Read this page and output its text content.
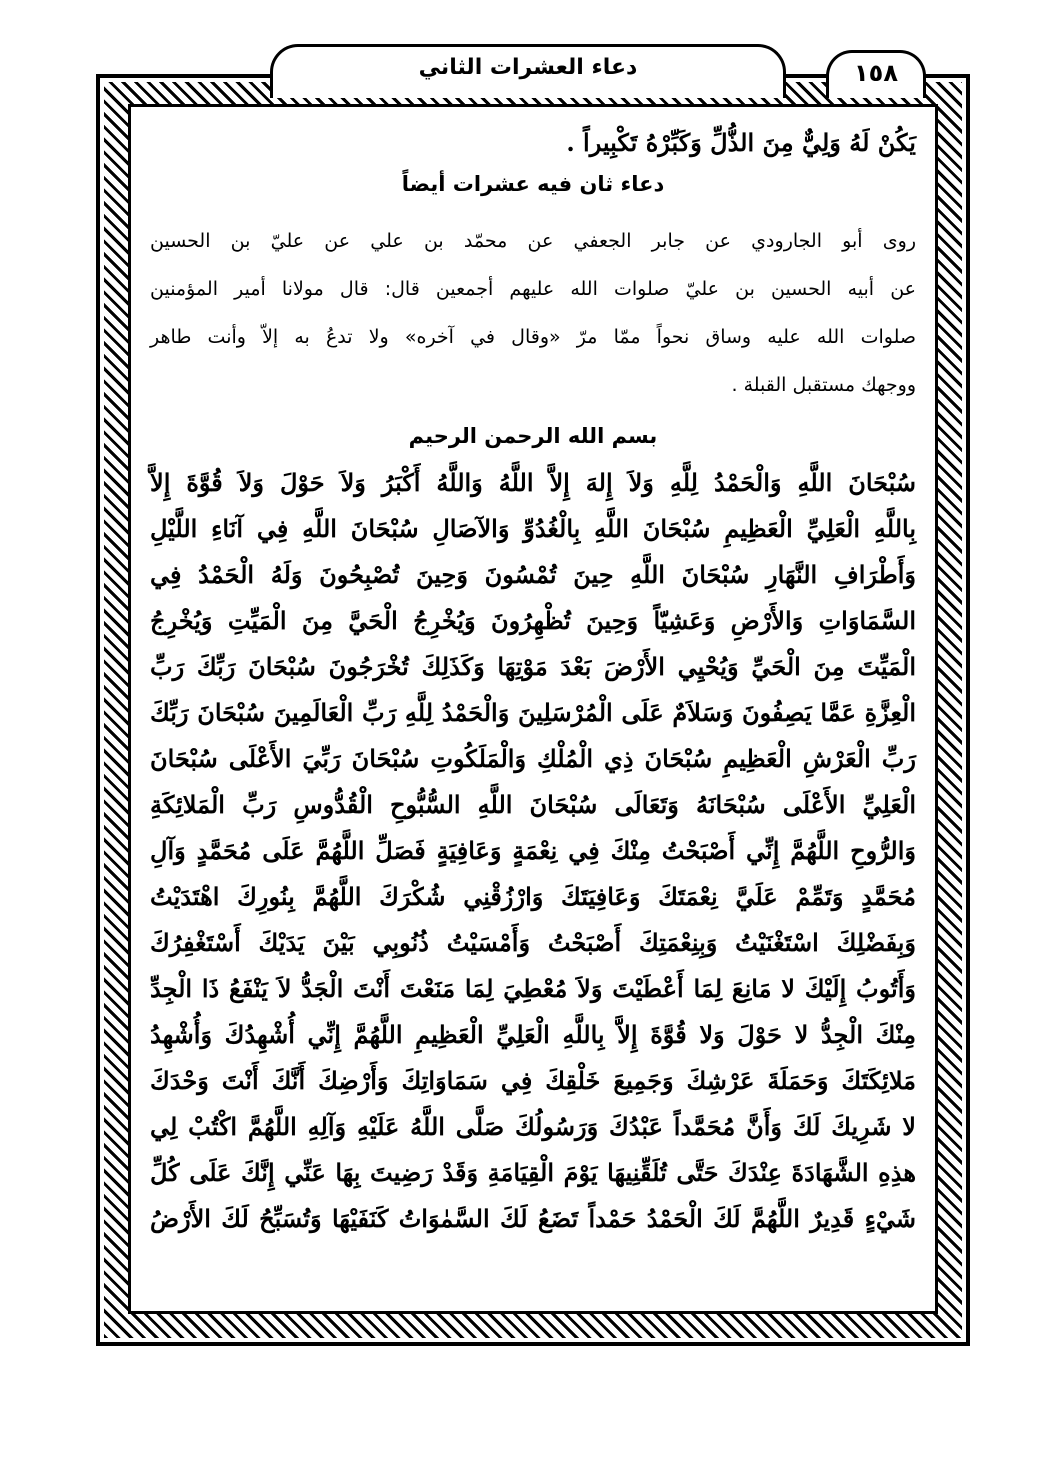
دعاء العشرات الثاني	١٥٨
يَكُنْ لَهُ وَلِيٌّ مِنَ الذُّلِّ وَكَبِّرْهُ تَكْبِيراً .
دعاء ثان فيه عشرات أيضاً
روى أبو الجارودي عن جابر الجعفي عن محمّد بن علي عن عليّ بن الحسين
عن أبيه الحسين بن عليّ صلوات الله عليهم أجمعين قال: قال مولانا أمير المؤمنين
صلوات الله عليه وساق نحواً ممّا مرّ «وقال في آخره» ولا تدعُ به إلاّ وأنت طاهر
ووجهك مستقبل القبلة .
بسم الله الرحمن الرحيم
سُبْحَانَ اللَّهِ وَالْحَمْدُ لِلَّهِ وَلاَ إِلهَ إِلاَّ اللَّهُ وَاللَّهُ أَكْبَرُ وَلاَ حَوْلَ وَلاَ قُوَّةَ إِلاَّ
بِاللَّهِ الْعَلِيِّ الْعَظِيمِ سُبْحَانَ اللَّهِ بِالْغُدُوِّ وَالآصَالِ سُبْحَانَ اللَّهِ فِي آنَاءِ اللَّيْلِ
وَأَطْرَافِ النَّهَارِ سُبْحَانَ اللَّهِ حِينَ تُمْسُونَ وَحِينَ تُصْبِحُونَ وَلَهُ الْحَمْدُ فِي
السَّمَاوَاتِ وَالأَرْضِ وَعَشِيّاً وَحِينَ تُظْهِرُونَ وَيُخْرِجُ الْحَيَّ مِنَ الْمَيِّتِ وَيُخْرِجُ
الْمَيِّتَ مِنَ الْحَيِّ وَيُحْيِي الأَرْضَ بَعْدَ مَوْتِهَا وَكَذَلِكَ تُخْرَجُونَ سُبْحَانَ رَبِّكَ رَبِّ
الْعِزَّةِ عَمَّا يَصِفُونَ وَسَلاَمٌ عَلَى الْمُرْسَلِينَ وَالْحَمْدُ لِلَّهِ رَبِّ الْعَالَمِينَ سُبْحَانَ رَبِّكَ
رَبِّ الْعَرْشِ الْعَظِيمِ سُبْحَانَ ذِي الْمُلْكِ وَالْمَلَكُوتِ سُبْحَانَ رَبِّيَ الأَعْلَى سُبْحَانَ
الْعَلِيِّ الأَعْلَى سُبْحَانَهُ وَتَعَالَى سُبْحَانَ اللَّهِ السُّبُّوحِ الْقُدُّوسِ رَبِّ الْمَلائِكَةِ
وَالرُّوحِ اللَّهُمَّ إِنِّي أَصْبَحْتُ مِنْكَ فِي نِعْمَةٍ وَعَافِيَةٍ فَصَلِّ اللَّهُمَّ عَلَى مُحَمَّدٍ وَآلِ
مُحَمَّدٍ وَتَمِّمْ عَلَيَّ نِعْمَتَكَ وَعَافِيَتَكَ وَارْزُقْنِي شُكْرَكَ اللَّهُمَّ بِنُورِكَ اهْتَدَيْتُ
وَبِفَضْلِكَ اسْتَغْنَيْتُ وَبِنِعْمَتِكَ أَصْبَحْتُ وَأَمْسَيْتُ ذُنُوبِي بَيْنَ يَدَيْكَ أَسْتَغْفِرُكَ
وَأَتُوبُ إِلَيْكَ لا مَانِعَ لِمَا أَعْطَيْتَ وَلاَ مُعْطِيَ لِمَا مَنَعْتَ أَنْتَ الْجَدُّ لاَ يَنْفَعُ ذَا الْجِدِّ
مِنْكَ الْجِدُّ لا حَوْلَ وَلا قُوَّةَ إِلاَّ بِاللَّهِ الْعَلِيِّ الْعَظِيمِ اللَّهُمَّ إِنِّي أُشْهِدُكَ وَأُشْهِدُ
مَلائِكَتَكَ وَحَمَلَةَ عَرْشِكَ وَجَمِيعَ خَلْقِكَ فِي سَمَاوَاتِكَ وَأَرْضِكَ أَنَّكَ أَنْتَ وَحْدَكَ
لا شَرِيكَ لَكَ وَأَنَّ مُحَمَّداً عَبْدُكَ وَرَسُولُكَ صَلَّى اللَّهُ عَلَيْهِ وَآلِهِ اللَّهُمَّ اكْتُبْ لِي
هذِهِ الشَّهَادَةَ عِنْدَكَ حَتَّى تُلَقِّنِيهَا يَوْمَ الْقِيَامَةِ وَقَدْ رَضِيتَ بِهَا عَنِّي إِنَّكَ عَلَى كُلِّ
شَيْءٍ قَدِيرٌ اللَّهُمَّ لَكَ الْحَمْدُ حَمْداً تَضَعُ لَكَ السَّمٰوَاتُ كَنَفَيْهَا وَتُسَبِّحُ لَكَ الأَرْضُ
